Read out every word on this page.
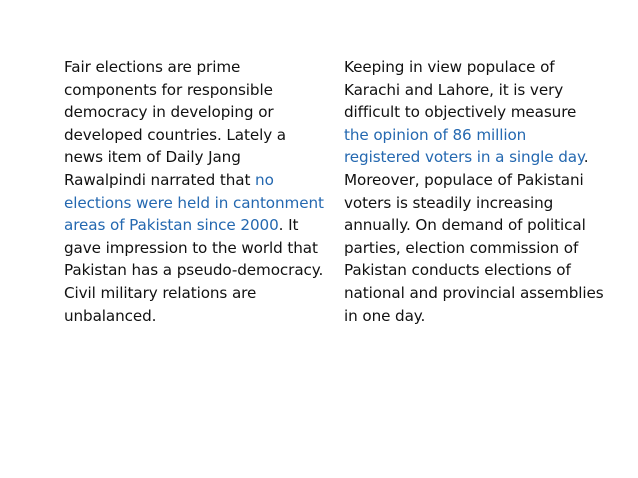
Fair elections are prime
components for responsible
democracy in developing or
developed countries. Lately a
news item of Daily Jang
Rawalpindi narrated that no
elections were held in cantonment
areas of Pakistan since 2000. It
gave impression to the world that
Pakistan has a pseudo-democracy.
Civil military relations are
unbalanced.
Keeping in view populace of
Karachi and Lahore, it is very
difficult to objectively measure
the opinion of 86 million
registered voters in a single day.
Moreover, populace of Pakistani
voters is steadily increasing
annually. On demand of political
parties, election commission of
Pakistan conducts elections of
national and provincial assemblies
in one day.
